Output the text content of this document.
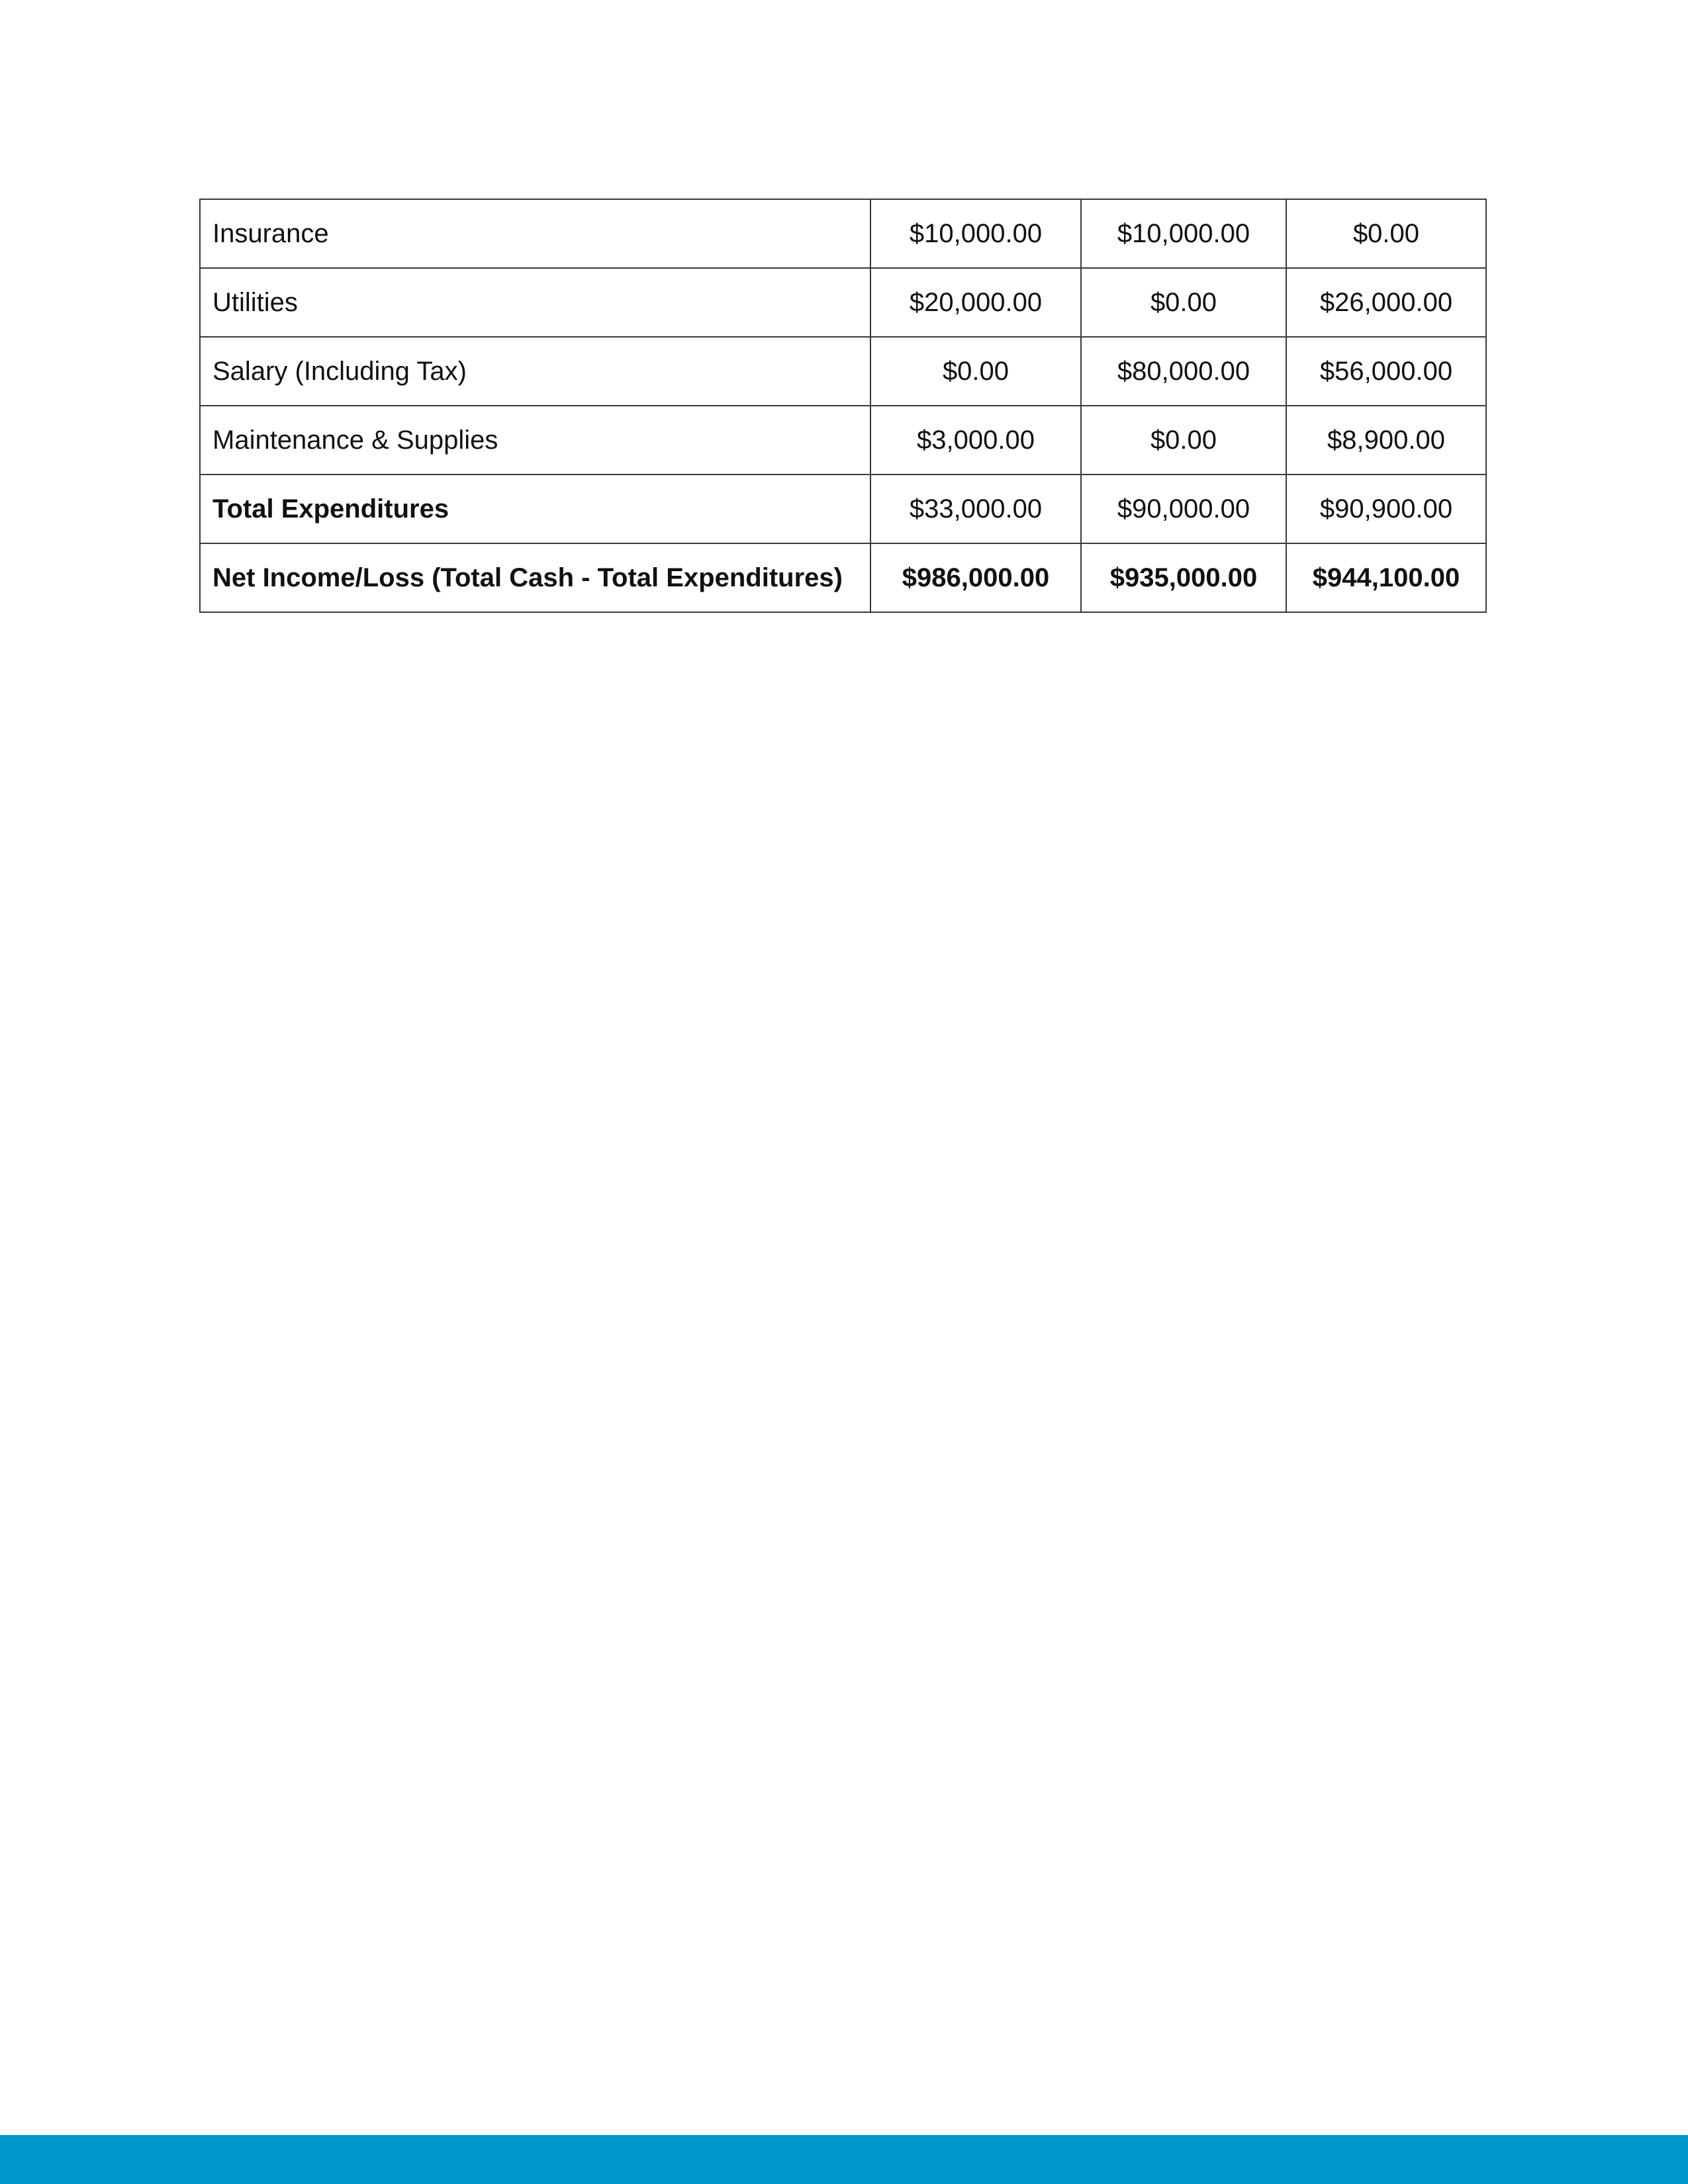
Insurance	$10,000.00	$10,000.00	$0.00
Utilities	$20,000.00	$0.00	$26,000.00
Salary (Including Tax)	$0.00	$80,000.00	$56,000.00
Maintenance & Supplies	$3,000.00	$0.00	$8,900.00
Total Expenditures	$33,000.00	$90,000.00	$90,900.00
Net Income/Loss (Total Cash - Total Expenditures)	$986,000.00	$935,000.00	$944,100.00
